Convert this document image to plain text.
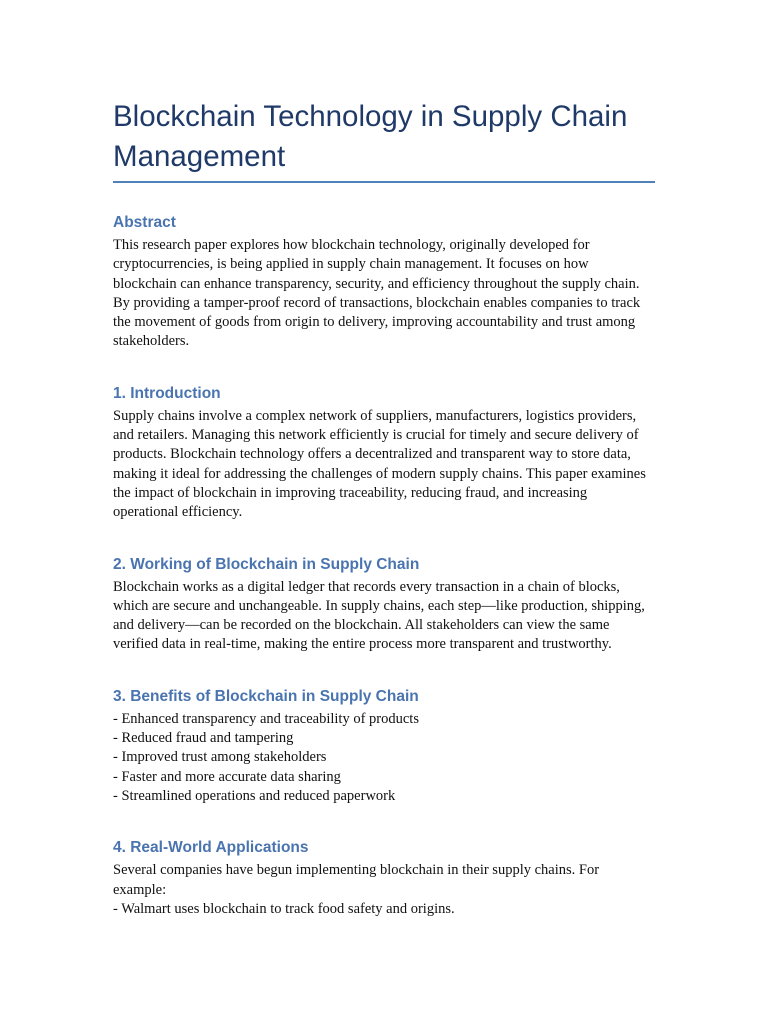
Blockchain Technology in Supply Chain Management
Abstract
This research paper explores how blockchain technology, originally developed for
cryptocurrencies, is being applied in supply chain management. It focuses on how
blockchain can enhance transparency, security, and efficiency throughout the supply chain.
By providing a tamper-proof record of transactions, blockchain enables companies to track
the movement of goods from origin to delivery, improving accountability and trust among
stakeholders.
1. Introduction
Supply chains involve a complex network of suppliers, manufacturers, logistics providers,
and retailers. Managing this network efficiently is crucial for timely and secure delivery of
products. Blockchain technology offers a decentralized and transparent way to store data,
making it ideal for addressing the challenges of modern supply chains. This paper examines
the impact of blockchain in improving traceability, reducing fraud, and increasing
operational efficiency.
2. Working of Blockchain in Supply Chain
Blockchain works as a digital ledger that records every transaction in a chain of blocks,
which are secure and unchangeable. In supply chains, each step—like production, shipping,
and delivery—can be recorded on the blockchain. All stakeholders can view the same
verified data in real-time, making the entire process more transparent and trustworthy.
3. Benefits of Blockchain in Supply Chain
- Enhanced transparency and traceability of products
- Reduced fraud and tampering
- Improved trust among stakeholders
- Faster and more accurate data sharing
- Streamlined operations and reduced paperwork
4. Real-World Applications
Several companies have begun implementing blockchain in their supply chains. For
example:
- Walmart uses blockchain to track food safety and origins.
